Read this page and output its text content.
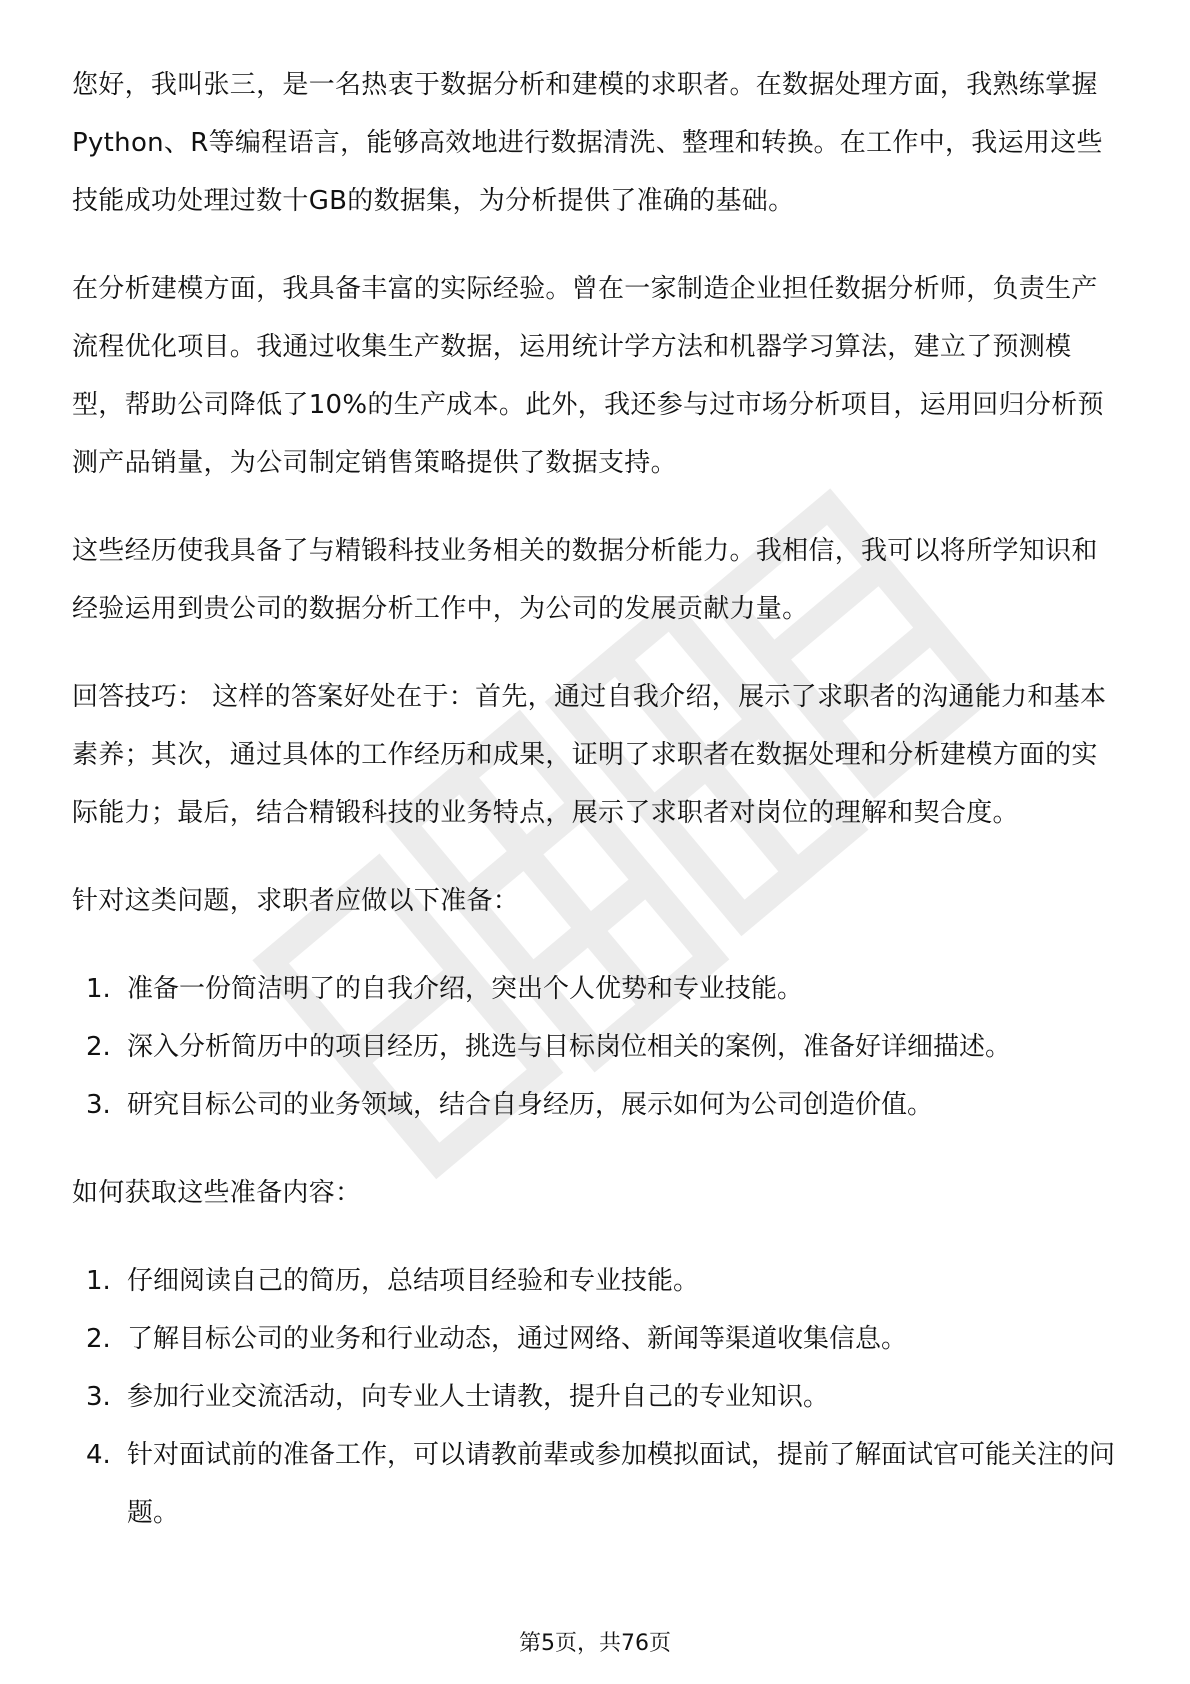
您好，我叫张三，是一名热衷于数据分析和建模的求职者。在数据处理方面，我熟练掌握Python、R等编程语言，能够高效地进行数据清洗、整理和转换。在工作中，我运用这些技能成功处理过数十GB的数据集，为分析提供了准确的基础。

在分析建模方面，我具备丰富的实际经验。曾在一家制造企业担任数据分析师，负责生产流程优化项目。我通过收集生产数据，运用统计学方法和机器学习算法，建立了预测模型，帮助公司降低了10%的生产成本。此外，我还参与过市场分析项目，运用回归分析预测产品销量，为公司制定销售策略提供了数据支持。

这些经历使我具备了与精锻科技业务相关的数据分析能力。我相信，我可以将所学知识和经验运用到贵公司的数据分析工作中，为公司的发展贡献力量。

回答技巧： 这样的答案好处在于：首先，通过自我介绍，展示了求职者的沟通能力和基本素养；其次，通过具体的工作经历和成果，证明了求职者在数据处理和分析建模方面的实际能力；最后，结合精锻科技的业务特点，展示了求职者对岗位的理解和契合度。

针对这类问题，求职者应做以下准备：

1. 准备一份简洁明了的自我介绍，突出个人优势和专业技能。
2. 深入分析简历中的项目经历，挑选与目标岗位相关的案例，准备好详细描述。
3. 研究目标公司的业务领域，结合自身经历，展示如何为公司创造价值。

如何获取这些准备内容：

1. 仔细阅读自己的简历，总结项目经验和专业技能。
2. 了解目标公司的业务和行业动态，通过网络、新闻等渠道收集信息。
3. 参加行业交流活动，向专业人士请教，提升自己的专业知识。
4. 针对面试前的准备工作，可以请教前辈或参加模拟面试，提前了解面试官可能关注的问题。
第5页，共76页
